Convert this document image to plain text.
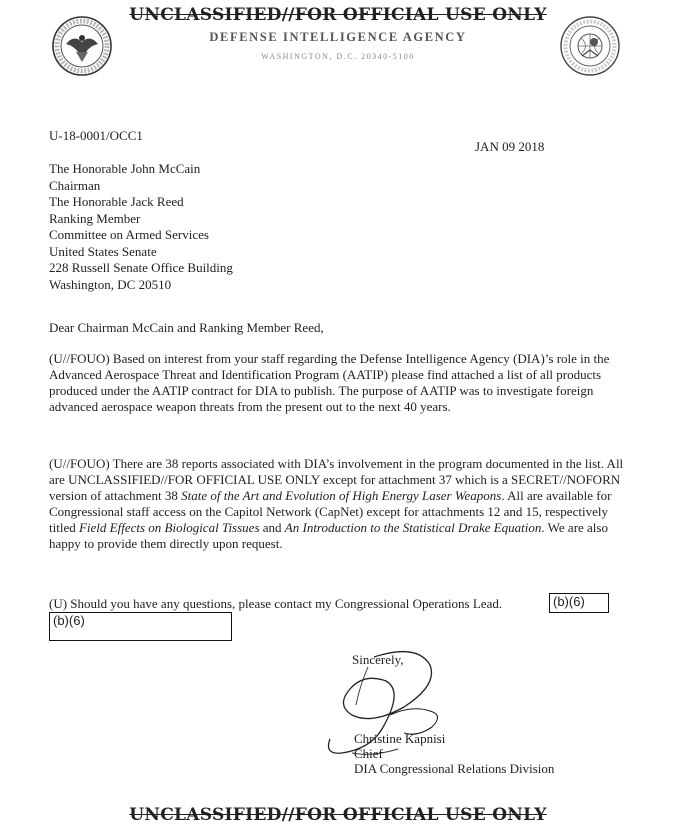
UNCLASSIFIED//FOR OFFICIAL USE ONLY
DEFENSE INTELLIGENCE AGENCY
WASHINGTON, D.C. 20340-5100
U-18-0001/OCC1
JAN 09 2018
The Honorable John McCain
Chairman
The Honorable Jack Reed
Ranking Member
Committee on Armed Services
United States Senate
228 Russell Senate Office Building
Washington, DC 20510
Dear Chairman McCain and Ranking Member Reed,
(U//FOUO) Based on interest from your staff regarding the Defense Intelligence Agency (DIA)’s role in the Advanced Aerospace Threat and Identification Program (AATIP) please find attached a list of all products produced under the AATIP contract for DIA to publish. The purpose of AATIP was to investigate foreign advanced aerospace weapon threats from the present out to the next 40 years.
(U//FOUO) There are 38 reports associated with DIA’s involvement in the program documented in the list. All are UNCLASSIFIED//FOR OFFICIAL USE ONLY except for attachment 37 which is a SECRET//NOFORN version of attachment 38 State of the Art and Evolution of High Energy Laser Weapons. All are available for Congressional staff access on the Capitol Network (CapNet) except for attachments 12 and 15, respectively titled Field Effects on Biological Tissues and An Introduction to the Statistical Drake Equation. We are also happy to provide them directly upon request.
(U) Should you have any questions, please contact my Congressional Operations Lead.	(b)(6)
(b)(6)
Sincerely,
Christine Kapnisi
Chief
DIA Congressional Relations Division
UNCLASSIFIED//FOR OFFICIAL USE ONLY
